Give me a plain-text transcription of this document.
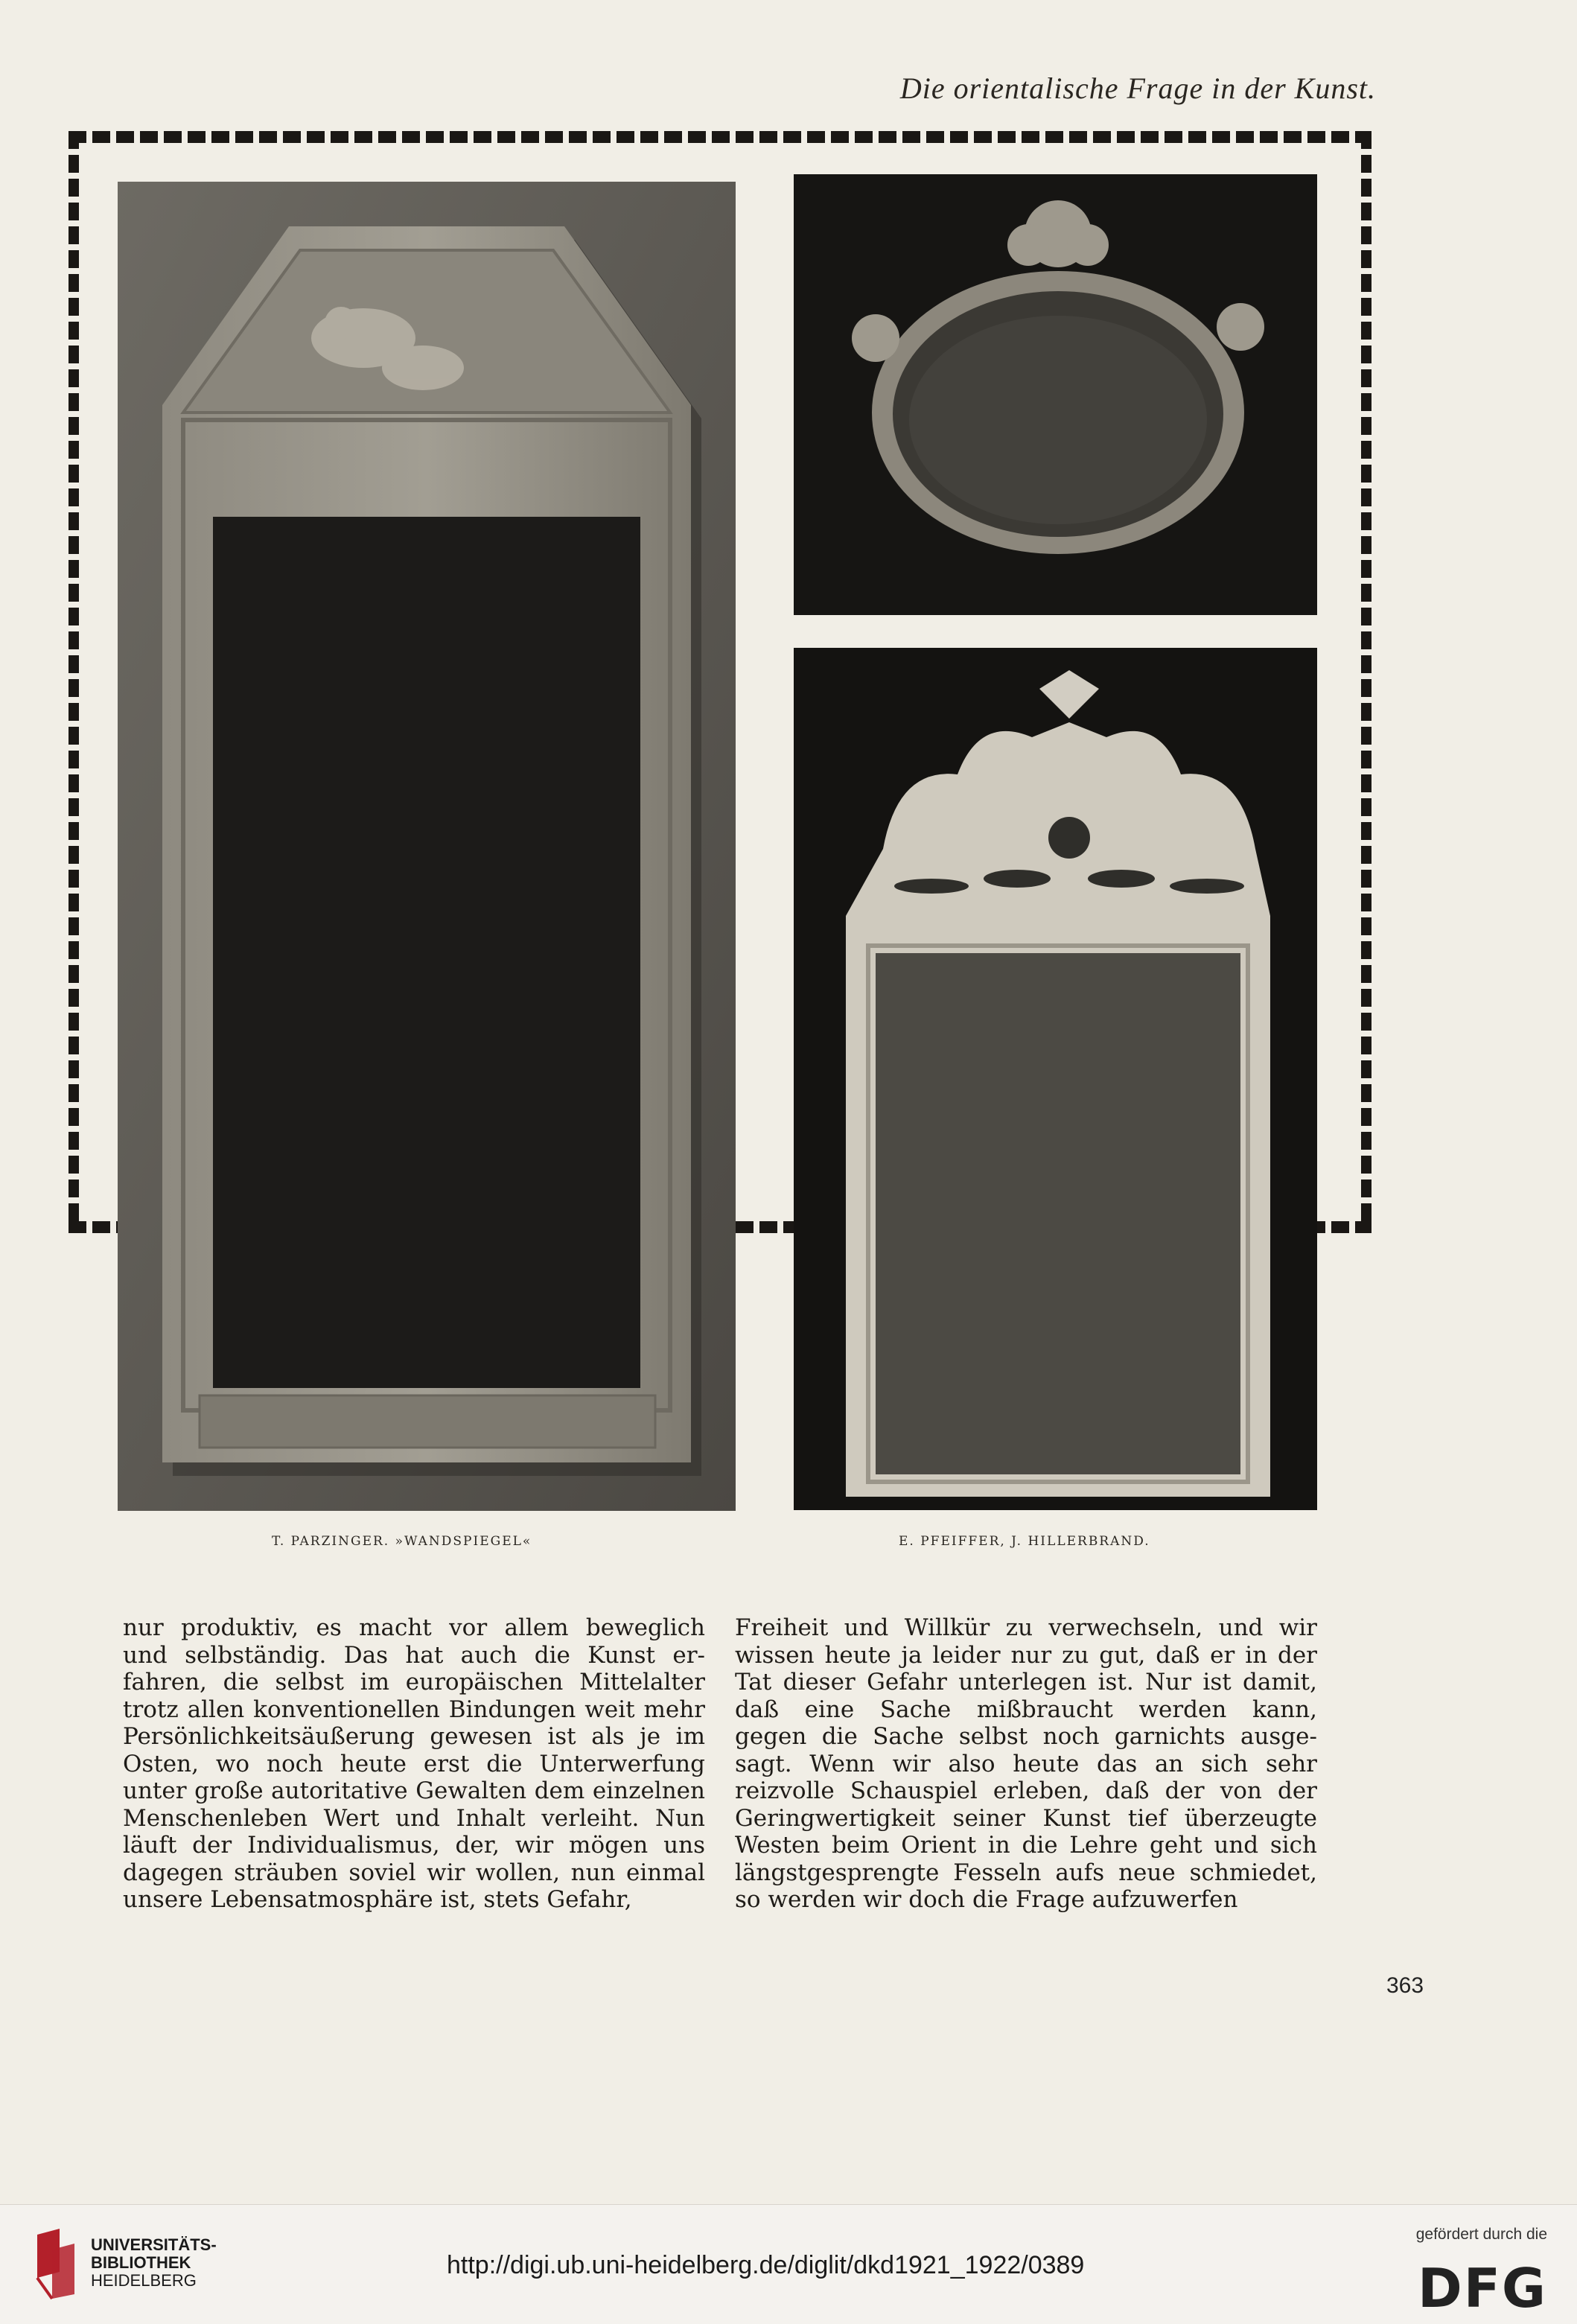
Die orientalische Frage in der Kunst.
T. PARZINGER. »WANDSPIEGEL«	E. PFEIFFER, J. HILLERBRAND.
nur produktiv, es macht vor allem beweglich
und selbständig. Das hat auch die Kunst er-
fahren, die selbst im europäischen Mittelalter
trotz allen konventionellen Bindungen weit mehr
Persönlichkeitsäußerung gewesen ist als je im
Osten, wo noch heute erst die Unterwerfung
unter große autoritative Gewalten dem einzelnen
Menschenleben Wert und Inhalt verleiht. Nun
läuft der Individualismus, der, wir mögen uns
dagegen sträuben soviel wir wollen, nun einmal
unsere Lebensatmosphäre ist, stets Gefahr,
Freiheit und Willkür zu verwechseln, und wir
wissen heute ja leider nur zu gut, daß er in der
Tat dieser Gefahr unterlegen ist. Nur ist damit,
daß eine Sache mißbraucht werden kann,
gegen die Sache selbst noch garnichts ausge-
sagt. Wenn wir also heute das an sich sehr
reizvolle Schauspiel erleben, daß der von der
Geringwertigkeit seiner Kunst tief überzeugte
Westen beim Orient in die Lehre geht und sich
längstgesprengte Fesseln aufs neue schmiedet,
so werden wir doch die Frage aufzuwerfen
363
UNIVERSITÄTS-
BIBLIOTHEK
HEIDELBERG
http://digi.ub.uni-heidelberg.de/diglit/dkd1921_1922/0389
gefördert durch die
DFG
